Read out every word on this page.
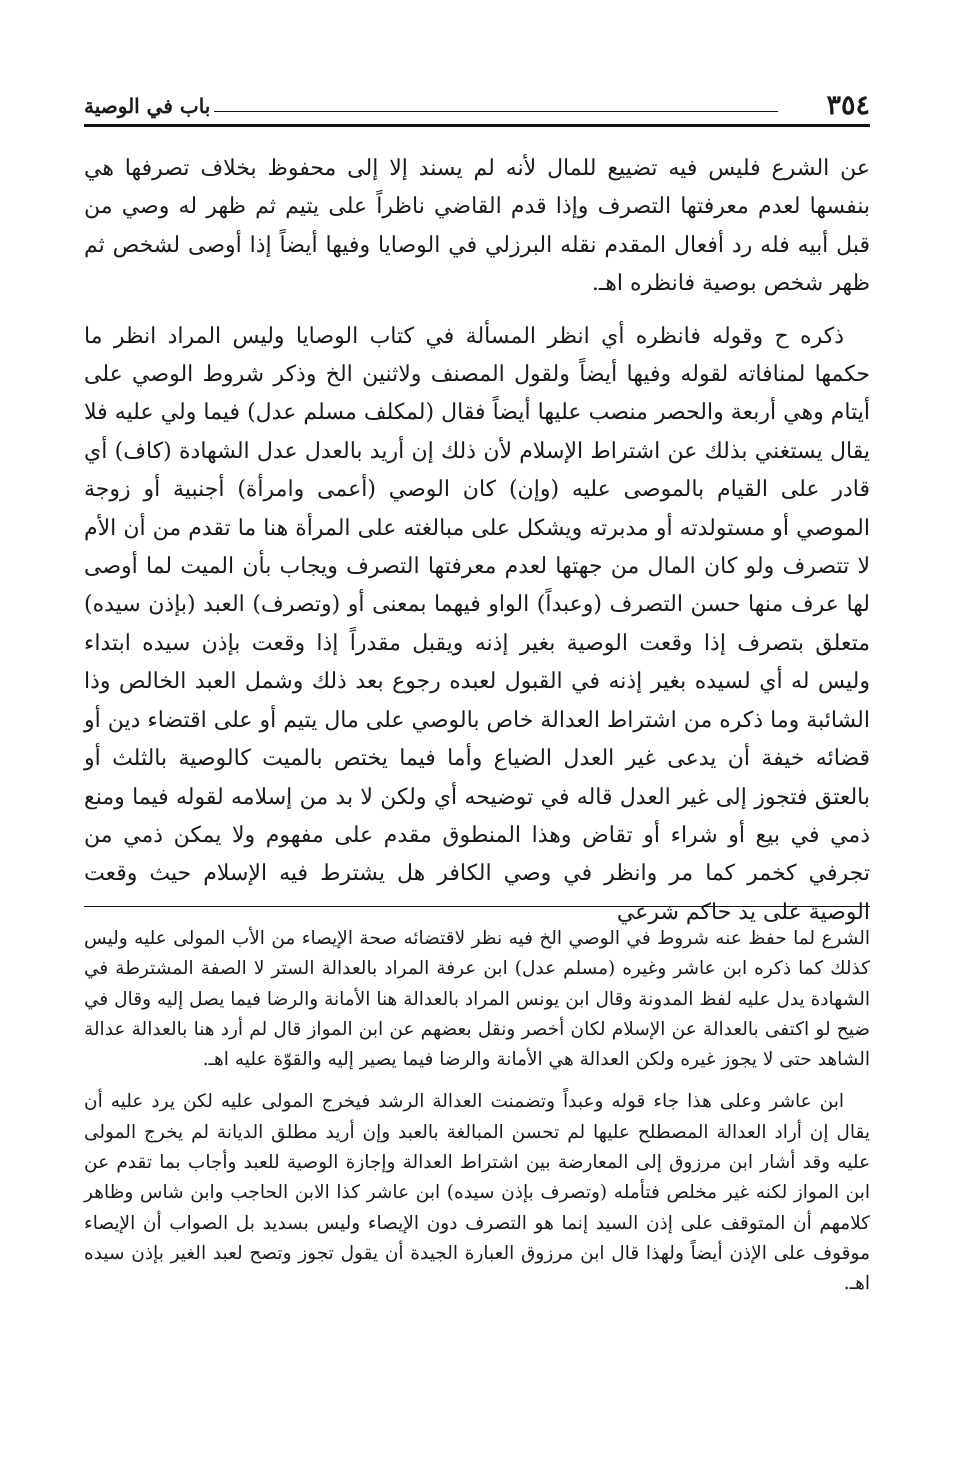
٣٥٤
باب في الوصية

عن الشرع فليس فيه تضييع للمال لأنه لم يسند إلا إلى محفوظ بخلاف تصرفها هي بنفسها لعدم معرفتها التصرف وإذا قدم القاضي ناظراً على يتيم ثم ظهر له وصي من قبل أبيه فله رد أفعال المقدم نقله البرزلي في الوصايا وفيها أيضاً إذا أوصى لشخص ثم ظهر شخص بوصية فانظره اهـ.

ذكره ح وقوله فانظره أي انظر المسألة في كتاب الوصايا وليس المراد انظر ما حكمها لمنافاته لقوله وفيها أيضاً ولقول المصنف ولاثنين الخ وذكر شروط الوصي على أيتام وهي أربعة والحصر منصب عليها أيضاً فقال (لمكلف مسلم عدل) فيما ولي عليه فلا يقال يستغني بذلك عن اشتراط الإسلام لأن ذلك إن أريد بالعدل عدل الشهادة (كاف) أي قادر على القيام بالموصى عليه (وإن) كان الوصي (أعمى وامرأة) أجنبية أو زوجة الموصي أو مستولدته أو مدبرته ويشكل على مبالغته على المرأة هنا ما تقدم من أن الأم لا تتصرف ولو كان المال من جهتها لعدم معرفتها التصرف ويجاب بأن الميت لما أوصى لها عرف منها حسن التصرف (وعبداً) الواو فيهما بمعنى أو (وتصرف) العبد (بإذن سيده) متعلق بتصرف إذا وقعت الوصية بغير إذنه ويقبل مقدراً إذا وقعت بإذن سيده ابتداء وليس له أي لسيده بغير إذنه في القبول لعبده رجوع بعد ذلك وشمل العبد الخالص وذا الشائبة وما ذكره من اشتراط العدالة خاص بالوصي على مال يتيم أو على اقتضاء دين أو قضائه خيفة أن يدعى غير العدل الضياع وأما فيما يختص بالميت كالوصية بالثلث أو بالعتق فتجوز إلى غير العدل قاله في توضيحه أي ولكن لا بد من إسلامه لقوله فيما ومنع ذمي في بيع أو شراء أو تقاض وهذا المنطوق مقدم على مفهوم ولا يمكن ذمي من تجرفي كخمر كما مر وانظر في وصي الكافر هل يشترط فيه الإسلام حيث وقعت الوصية على يد حاكم شرعي

الشرع لما حفظ عنه شروط في الوصي الخ فيه نظر لاقتضائه صحة الإيصاء من الأب المولى عليه وليس كذلك كما ذكره ابن عاشر وغيره (مسلم عدل) ابن عرفة المراد بالعدالة الستر لا الصفة المشترطة في الشهادة يدل عليه لفظ المدونة وقال ابن يونس المراد بالعدالة هنا الأمانة والرضا فيما يصل إليه وقال في ضيح لو اكتفى بالعدالة عن الإسلام لكان أخصر ونقل بعضهم عن ابن المواز قال لم أرد هنا بالعدالة عدالة الشاهد حتى لا يجوز غيره ولكن العدالة هي الأمانة والرضا فيما يصير إليه والقوّة عليه اهـ.

ابن عاشر وعلى هذا جاء قوله وعبداً وتضمنت العدالة الرشد فيخرج المولى عليه لكن يرد عليه أن يقال إن أراد العدالة المصطلح عليها لم تحسن المبالغة بالعبد وإن أريد مطلق الديانة لم يخرج المولى عليه وقد أشار ابن مرزوق إلى المعارضة بين اشتراط العدالة وإجازة الوصية للعبد وأجاب بما تقدم عن ابن المواز لكنه غير مخلص فتأمله (وتصرف بإذن سيده) ابن عاشر كذا الابن الحاجب وابن شاس وظاهر كلامهم أن المتوقف على إذن السيد إنما هو التصرف دون الإيصاء وليس بسديد بل الصواب أن الإيصاء موقوف على الإذن أيضاً ولهذا قال ابن مرزوق العبارة الجيدة أن يقول تجوز وتصح لعبد الغير بإذن سيده اهـ.
